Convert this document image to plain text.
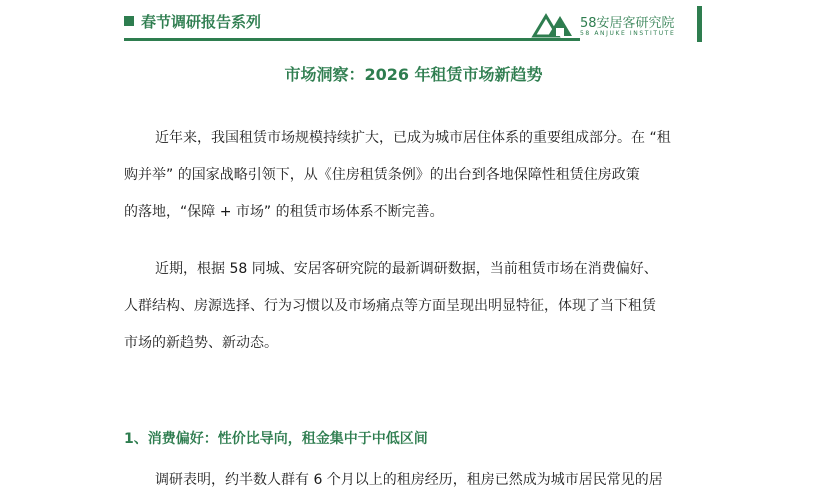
春节调研报告系列	58安居客研究院
58 ANJUKE INSTITUTE
市场洞察：2026 年租赁市场新趋势
近年来，我国租赁市场规模持续扩大，已成为城市居住体系的重要组成部分。在 “租
购并举” 的国家战略引领下，从《住房租赁条例》的出台到各地保障性租赁住房政策
的落地，“保障 + 市场” 的租赁市场体系不断完善。
近期，根据 58 同城、安居客研究院的最新调研数据，当前租赁市场在消费偏好、
人群结构、房源选择、行为习惯以及市场痛点等方面呈现出明显特征，体现了当下租赁
市场的新趋势、新动态。
1、消费偏好：性价比导向，租金集中于中低区间
调研表明，约半数人群有 6 个月以上的租房经历，租房已然成为城市居民常见的居
